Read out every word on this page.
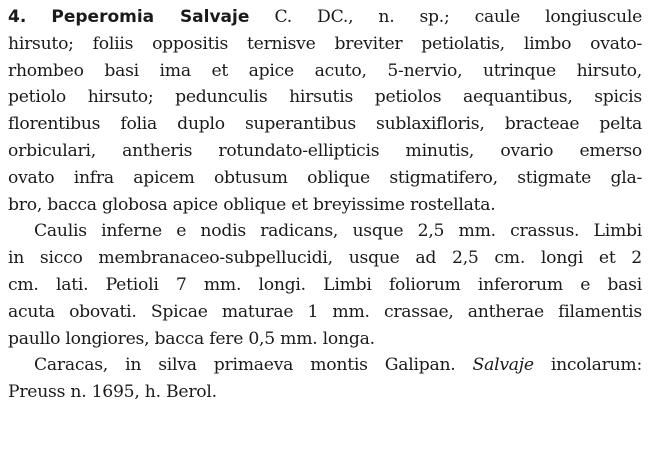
4. Peperomia Salvaje C. DC., n. sp.; caule longiuscule
hirsuto; foliis oppositis ternisve breviter petiolatis, limbo ovato-
rhombeo basi ima et apice acuto, 5-nervio, utrinque hirsuto,
petiolo hirsuto; pedunculis hirsutis petiolos aequantibus, spicis
florentibus folia duplo superantibus sublaxifloris, bracteae pelta
orbiculari, antheris rotundato-ellipticis minutis, ovario emerso
ovato infra apicem obtusum oblique stigmatifero, stigmate gla-
bro, bacca globosa apice oblique et breyissime rostellata.
Caulis inferne e nodis radicans, usque 2,5 mm. crassus. Limbi
in sicco membranaceo-subpellucidi, usque ad 2,5 cm. longi et 2
cm. lati. Petioli 7 mm. longi. Limbi foliorum inferorum e basi
acuta obovati. Spicae maturae 1 mm. crassae, antherae filamentis
paullo longiores, bacca fere 0,5 mm. longa.
Caracas, in silva primaeva montis Galipan. Salvaje incolarum:
Preuss n. 1695, h. Berol.
